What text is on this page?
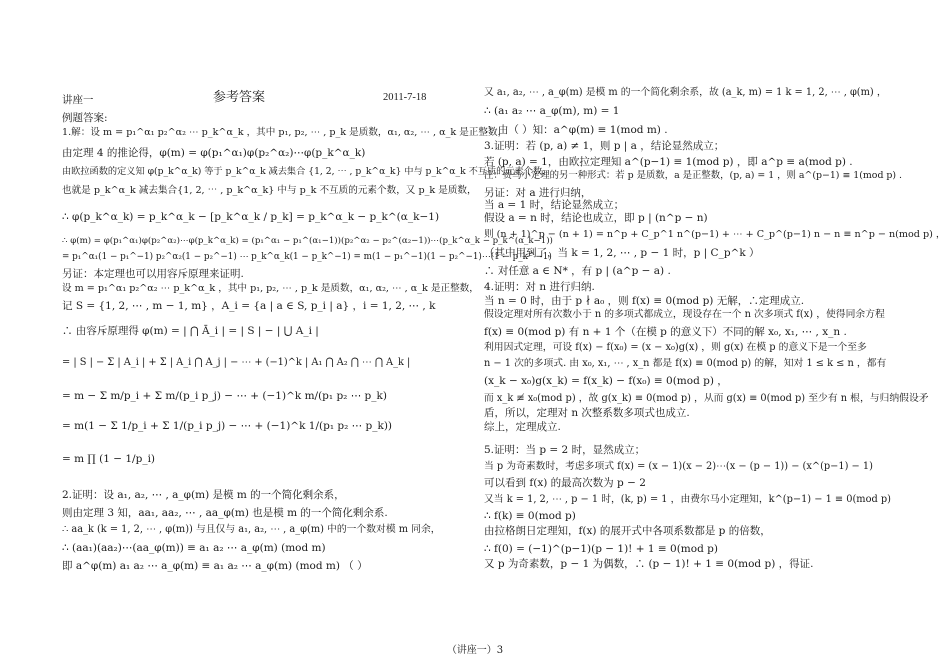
讲座一	参考答案	2011-7-18
例题答案:
1.解：设 m = p₁^α₁ p₂^α₂ ⋯ p_k^α_k ，其中 p₁, p₂, ⋯ , p_k 是质数，α₁, α₂, ⋯ , α_k 是正整数，
由定理 4 的推论得，φ(m) = φ(p₁^α₁)φ(p₂^α₂)⋯φ(p_k^α_k)
由欧拉函数的定义知 φ(p_k^α_k) 等于 p_k^α_k 减去集合 {1, 2, ⋯ , p_k^α_k} 中与 p_k^α_k 不互质的元素个数，
也就是 p_k^α_k 减去集合{1, 2, ⋯ , p_k^α_k} 中与 p_k 不互质的元素个数，又 p_k 是质数，
∴ φ(p_k^α_k) = p_k^α_k − [p_k^α_k / p_k] = p_k^α_k − p_k^(α_k−1)
∴ φ(m) = φ(p₁^α₁)φ(p₂^α₂)⋯φ(p_k^α_k) = (p₁^α₁ − p₁^(α₁−1))(p₂^α₂ − p₂^(α₂−1))⋯(p_k^α_k − p_k^(α_k−1))
= p₁^α₁(1 − p₁^−1) p₂^α₂(1 − p₂^−1) ⋯ p_k^α_k(1 − p_k^−1) = m(1 − p₁^−1)(1 − p₂^−1)⋯(1 − p_k^−1)
另证：本定理也可以用容斥原理来证明.
设 m = p₁^α₁ p₂^α₂ ⋯ p_k^α_k ，其中 p₁, p₂, ⋯ , p_k 是质数，α₁, α₂, ⋯ , α_k 是正整数，
记 S = {1, 2, ⋯ , m − 1, m} ，A_i = {a | a ∈ S, p_i | a} ，i = 1, 2, ⋯ , k
∴ 由容斥原理得 φ(m) = | ⋂ Ā_i | = | S | − | ⋃ A_i |
= | S | − Σ | A_i | + Σ | A_i ⋂ A_j | − ⋯ + (−1)^k | A₁ ⋂ A₂ ⋂ ⋯ ⋂ A_k |
= m − Σ m/p_i + Σ m/(p_i p_j) − ⋯ + (−1)^k m/(p₁ p₂ ⋯ p_k)
= m(1 − Σ 1/p_i + Σ 1/(p_i p_j) − ⋯ + (−1)^k 1/(p₁ p₂ ⋯ p_k))
= m ∏ (1 − 1/p_i)
2.证明：设 a₁, a₂, ⋯ , a_φ(m) 是模 m 的一个简化剩余系，
则由定理 3 知，aa₁, aa₂, ⋯ , aa_φ(m) 也是模 m 的一个简化剩余系.
∴ aa_k (k = 1, 2, ⋯ , φ(m)) 与且仅与 a₁, a₂, ⋯ , a_φ(m) 中的一个数对模 m 同余，
∴ (aa₁)(aa₂)⋯(aa_φ(m)) ≡ a₁ a₂ ⋯ a_φ(m) (mod m)
即 a^φ(m) a₁ a₂ ⋯ a_φ(m) ≡ a₁ a₂ ⋯ a_φ(m) (mod m) （ ）
又 a₁, a₂, ⋯ , a_φ(m) 是模 m 的一个简化剩余系，故 (a_k, m) = 1 k = 1, 2, ⋯ , φ(m) ，
∴ (a₁ a₂ ⋯ a_φ(m), m) = 1
∴ 由（ ）知：a^φ(m) ≡ 1(mod m) .
3.证明：若 (p, a) ≠ 1，则 p | a ，结论显然成立；
若 (p, a) = 1，由欧拉定理知 a^(p−1) ≡ 1(mod p) ，即 a^p ≡ a(mod p) .
注：费马小定理的另一种形式：若 p 是质数，a 是正整数，(p, a) = 1 ，则 a^(p−1) ≡ 1(mod p) .
另证：对 a 进行归纳，
当 a = 1 时，结论显然成立；
假设 a = n 时，结论也成立，即 p | (n^p − n)
则 (n + 1)^p − (n + 1) = n^p + C_p^1 n^(p−1) + ⋯ + C_p^(p−1) n − n ≡ n^p − n(mod p) ，
（其中用到了，当 k = 1, 2, ⋯ , p − 1 时，p | C_p^k ）
∴ 对任意 a ∈ N* ，有 p | (a^p − a) .
4.证明：对 n 进行归纳.
当 n = 0 时，由于 p ∤ a₀ ，则 f(x) ≡ 0(mod p) 无解，∴定理成立.
假设定理对所有次数小于 n 的多项式都成立，现设存在一个 n 次多项式 f(x) ，使得同余方程
f(x) ≡ 0(mod p) 有 n + 1 个（在模 p 的意义下）不同的解 x₀, x₁, ⋯ , x_n .
利用因式定理，可设 f(x) − f(x₀) = (x − x₀)g(x) ，则 g(x) 在模 p 的意义下是一个至多
n − 1 次的多项式. 由 x₀, x₁, ⋯ , x_n 都是 f(x) ≡ 0(mod p) 的解，知对 1 ≤ k ≤ n ，都有
(x_k − x₀)g(x_k) = f(x_k) − f(x₀) ≡ 0(mod p) ，
而 x_k ≢ x₀(mod p) ，故 g(x_k) ≡ 0(mod p) ，从而 g(x) ≡ 0(mod p) 至少有 n 根，与归纳假设矛
盾，所以，定理对 n 次整系数多项式也成立.
综上，定理成立.
5.证明：当 p = 2 时，显然成立；
当 p 为奇素数时，考虑多项式 f(x) = (x − 1)(x − 2)⋯(x − (p − 1)) − (x^(p−1) − 1)
可以看到 f(x) 的最高次数为 p − 2
又当 k = 1, 2, ⋯ , p − 1 时，(k, p) = 1 ，由费尔马小定理知，k^(p−1) − 1 ≡ 0(mod p)
∴ f(k) ≡ 0(mod p)
由拉格朗日定理知，f(x) 的展开式中各项系数都是 p 的倍数，
∴ f(0) = (−1)^(p−1)(p − 1)! + 1 ≡ 0(mod p)
又 p 为奇素数，p − 1 为偶数，∴ (p − 1)! + 1 ≡ 0(mod p) ，得证.
（讲座一）3
